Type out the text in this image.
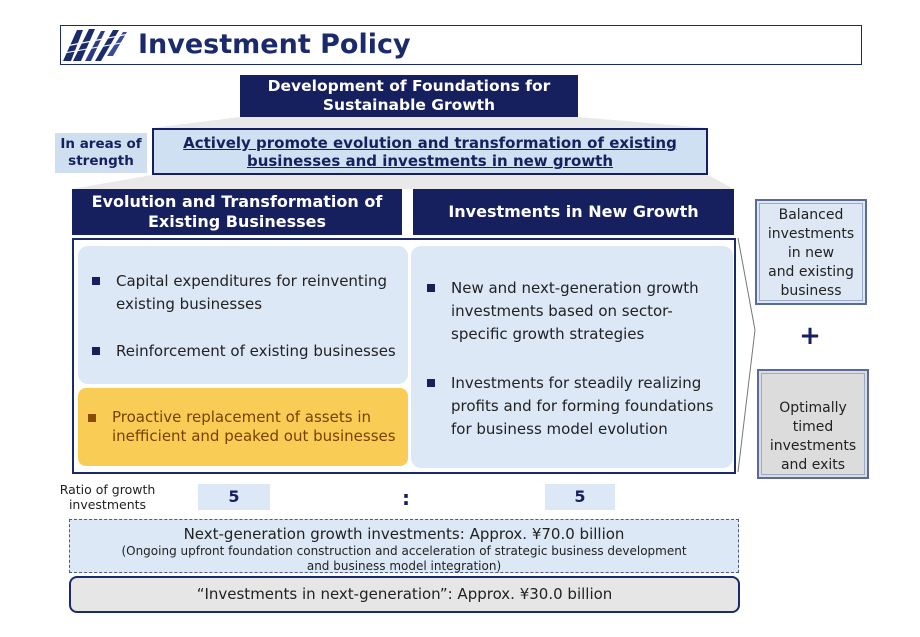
Investment Policy
Development of Foundations for
Sustainable Growth
In areas of
strength
Actively promote evolution and transformation of existing
businesses and investments in new growth
Evolution and Transformation of
Existing Businesses
Investments in New Growth
Capital expenditures for reinventing
existing businesses
Reinforcement of existing businesses
Proactive replacement of assets in
inefficient and peaked out businesses
New and next-generation growth
investments based on sector-
specific growth strategies
Investments for steadily realizing
profits and for forming foundations
for business model evolution
Balanced
investments
in new
and existing
business
+
Optimally timed
investments
and exits
Ratio of growth
investments	5	:	5
Next-generation growth investments: Approx. ¥70.0 billion
(Ongoing upfront foundation construction and acceleration of strategic business development
and business model integration)
“Investments in next-generation”: Approx. ¥30.0 billion
